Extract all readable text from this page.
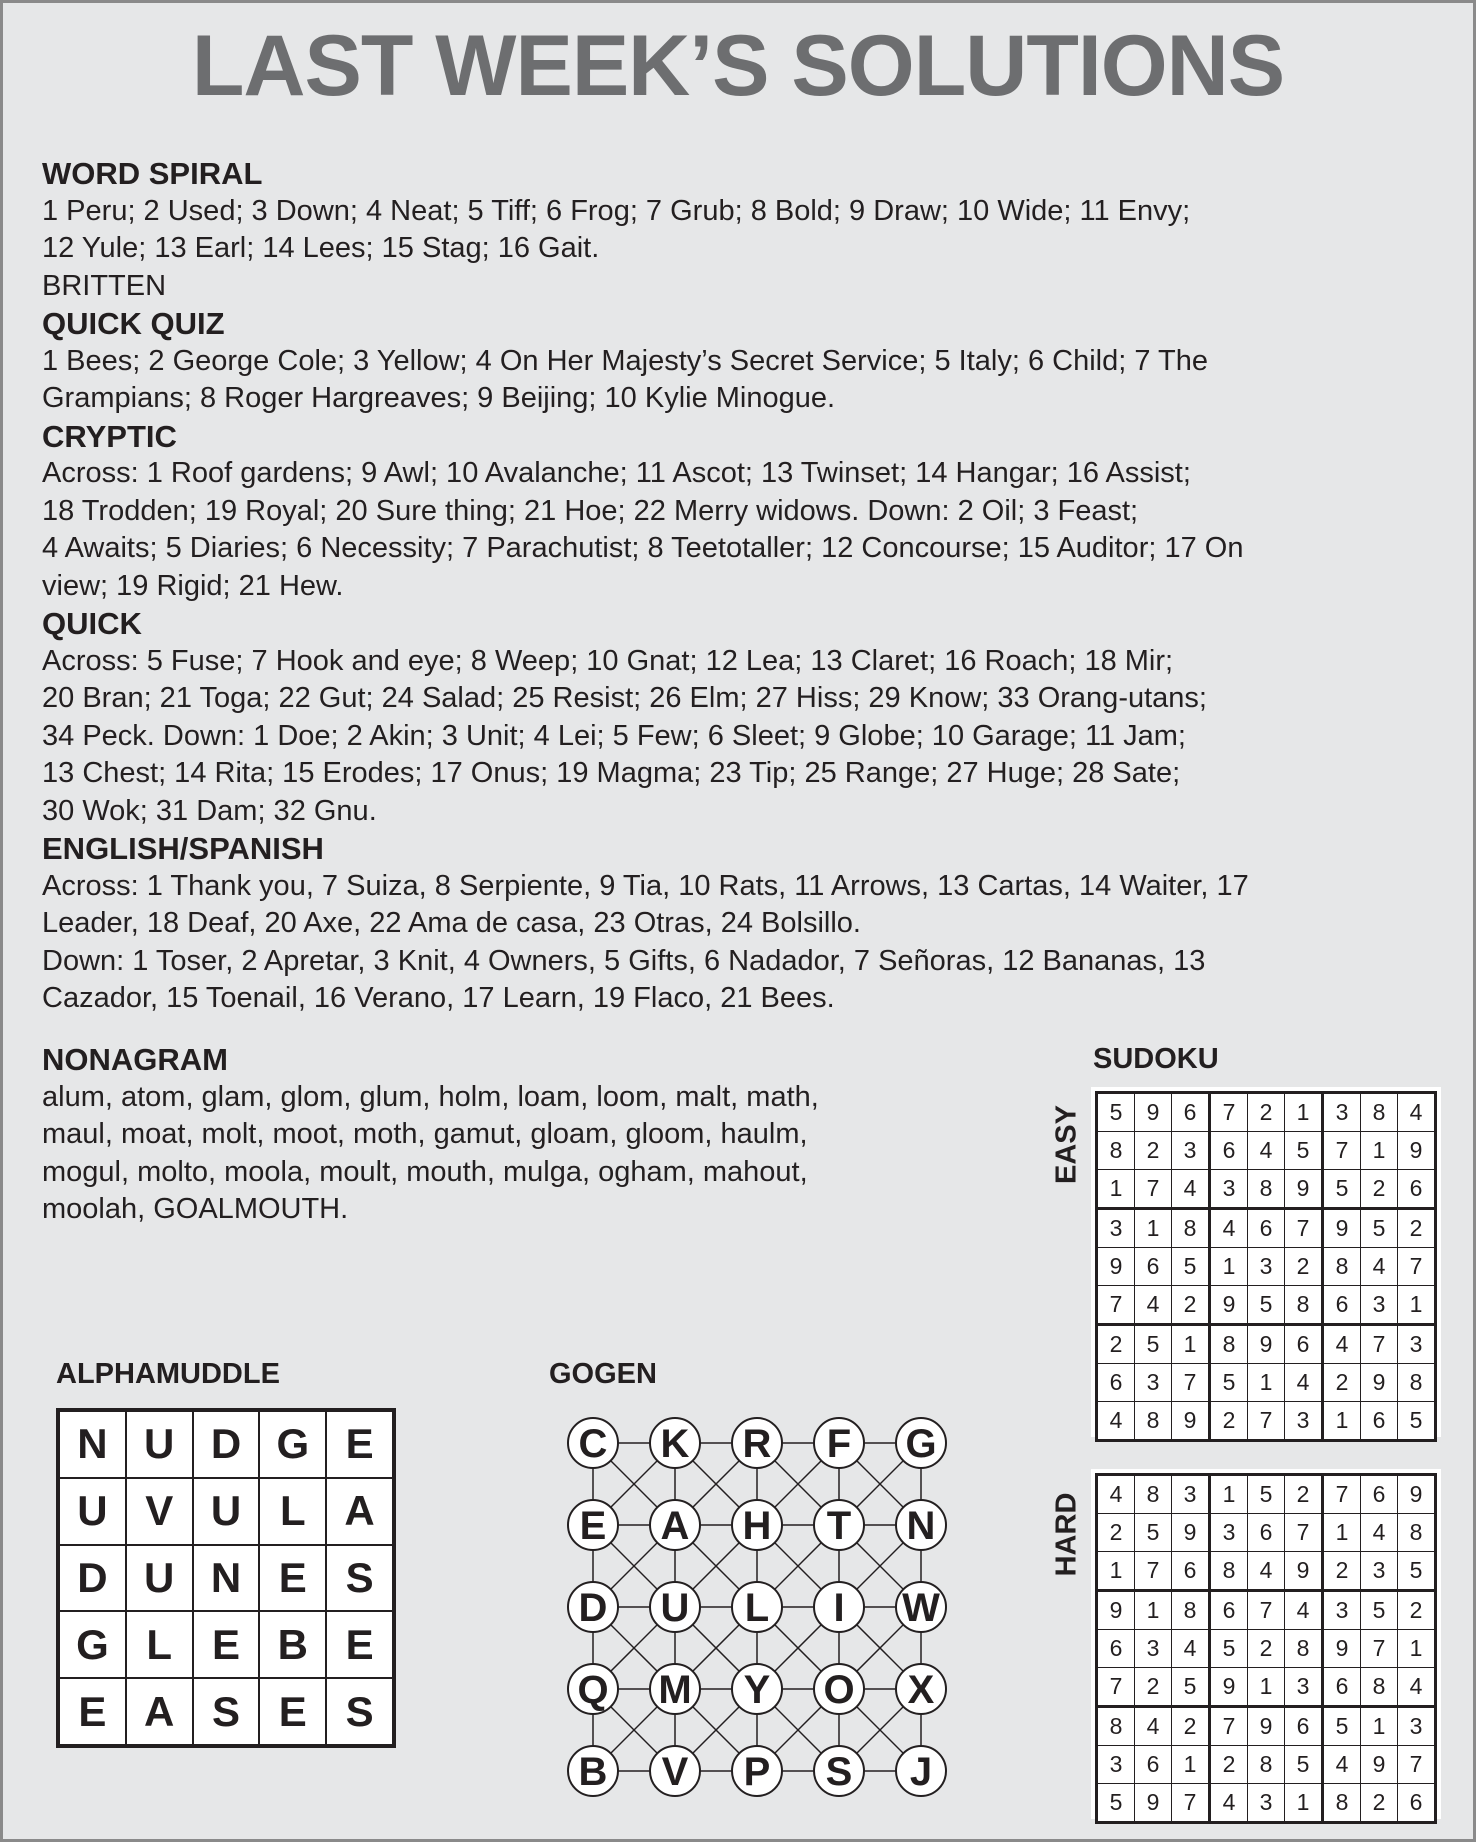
LAST WEEK’S SOLUTIONS
WORD SPIRAL

1 Peru; 2 Used; 3 Down; 4 Neat; 5 Tiff; 6 Frog; 7 Grub; 8 Bold; 9 Draw; 10 Wide; 11 Envy;

12 Yule; 13 Earl; 14 Lees; 15 Stag; 16 Gait.

BRITTEN

QUICK QUIZ

1 Bees; 2 George Cole; 3 Yellow; 4 On Her Majesty’s Secret Service; 5 Italy; 6 Child; 7 The

Grampians; 8 Roger Hargreaves; 9 Beijing; 10 Kylie Minogue.

CRYPTIC

Across: 1 Roof gardens; 9 Awl; 10 Avalanche; 11 Ascot; 13 Twinset; 14 Hangar; 16 Assist;

18 Trodden; 19 Royal; 20 Sure thing; 21 Hoe; 22 Merry widows. Down: 2 Oil; 3 Feast;

4 Awaits; 5 Diaries; 6 Necessity; 7 Parachutist; 8 Teetotaller; 12 Concourse; 15 Auditor; 17 On

view; 19 Rigid; 21 Hew.

QUICK

Across: 5 Fuse; 7 Hook and eye; 8 Weep; 10 Gnat; 12 Lea; 13 Claret; 16 Roach; 18 Mir;

20 Bran; 21 Toga; 22 Gut; 24 Salad; 25 Resist; 26 Elm; 27 Hiss; 29 Know; 33 Orang-utans;

34 Peck. Down: 1 Doe; 2 Akin; 3 Unit; 4 Lei; 5 Few; 6 Sleet; 9 Globe; 10 Garage; 11 Jam;

13 Chest; 14 Rita; 15 Erodes; 17 Onus; 19 Magma; 23 Tip; 25 Range; 27 Huge; 28 Sate;

30 Wok; 31 Dam; 32 Gnu.

ENGLISH/SPANISH

Across: 1 Thank you, 7 Suiza, 8 Serpiente, 9 Tia, 10 Rats, 11 Arrows, 13 Cartas, 14 Waiter, 17

Leader, 18 Deaf, 20 Axe, 22 Ama de casa, 23 Otras, 24 Bolsillo.

Down: 1 Toser, 2 Apretar, 3 Knit, 4 Owners, 5 Gifts, 6 Nadador, 7 Señoras, 12 Bananas, 13

Cazador, 15 Toenail, 16 Verano, 17 Learn, 19 Flaco, 21 Bees.

NONAGRAM

alum, atom, glam, glom, glum, holm, loam, loom, malt, math,

maul, moat, molt, moot, moth, gamut, gloam, gloom, haulm,

mogul, molto, moola, moult, mouth, mulga, ogham, mahout,

moolah, GOALMOUTH.

ALPHAMUDDLE
N U D G E
U V U L A
D U N E S
G L E B E
E A S E S
GOGEN
C K R F G
E A H T N
D U L I W
Q M Y O X
B V P S J
SUDOKU
EASY 5	9	6	7	2	1	3	8	4
8	2	3	6	4	5	7	1	9
1	7	4	3	8	9	5	2	6
3	1	8	4	6	7	9	5	2
9	6	5	1	3	2	8	4	7
7	4	2	9	5	8	6	3	1
2	5	1	8	9	6	4	7	3
6	3	7	5	1	4	2	9	8
4	8	9	2	7	3	1	6	5
HARD 4	8	3	1	5	2	7	6	9
2	5	9	3	6	7	1	4	8
1	7	6	8	4	9	2	3	5
9	1	8	6	7	4	3	5	2
6	3	4	5	2	8	9	7	1
7	2	5	9	1	3	6	8	4
8	4	2	7	9	6	5	1	3
3	6	1	2	8	5	4	9	7
5	9	7	4	3	1	8	2	6
